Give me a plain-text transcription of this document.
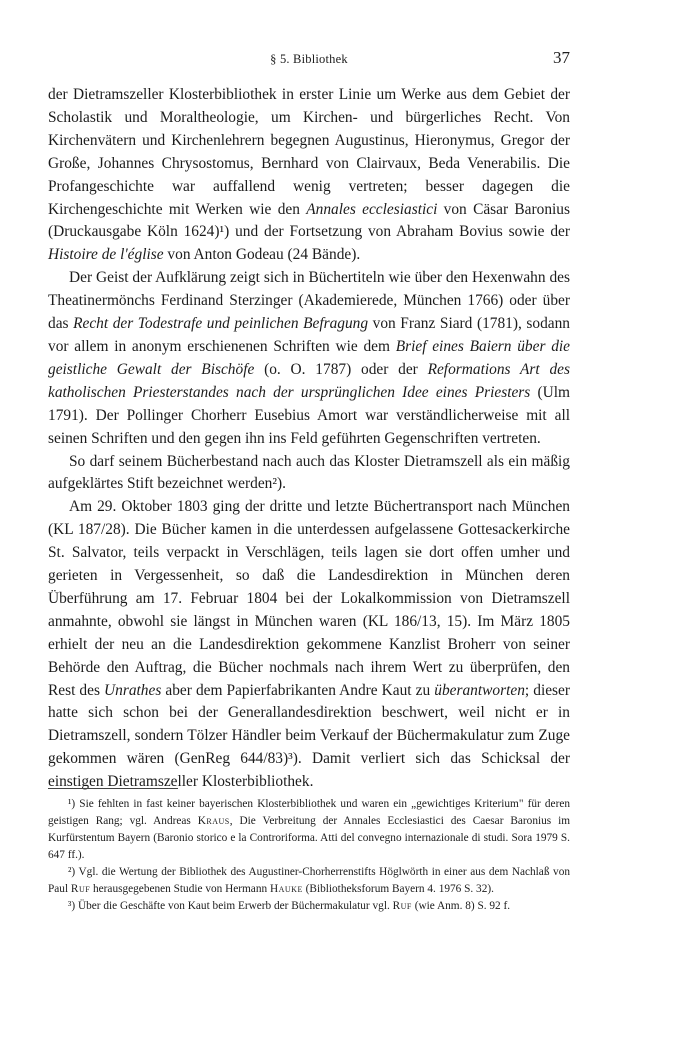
§ 5. Bibliothek	37

der Dietramszeller Klosterbibliothek in erster Linie um Werke aus dem Gebiet der Scholastik und Moraltheologie, um Kirchen- und bürgerliches Recht. Von Kirchenvätern und Kirchenlehrern begegnen Augustinus, Hieronymus, Gregor der Große, Johannes Chrysostomus, Bernhard von Clairvaux, Beda Venerabilis. Die Profangeschichte war auffallend wenig vertreten; besser dagegen die Kirchengeschichte mit Werken wie den Annales ecclesiastici von Cäsar Baronius (Druckausgabe Köln 1624)¹) und der Fortsetzung von Abraham Bovius sowie der Histoire de l'église von Anton Godeau (24 Bände).

Der Geist der Aufklärung zeigt sich in Büchertiteln wie über den Hexenwahn des Theatinermönchs Ferdinand Sterzinger (Akademierede, München 1766) oder über das Recht der Todestrafe und peinlichen Befragung von Franz Siard (1781), sodann vor allem in anonym erschienenen Schriften wie dem Brief eines Baiern über die geistliche Gewalt der Bischöfe (o. O. 1787) oder der Reformations Art des katholischen Priesterstandes nach der ursprünglichen Idee eines Priesters (Ulm 1791). Der Pollinger Chorherr Eusebius Amort war verständlicherweise mit all seinen Schriften und den gegen ihn ins Feld geführten Gegenschriften vertreten.

So darf seinem Bücherbestand nach auch das Kloster Dietramszell als ein mäßig aufgeklärtes Stift bezeichnet werden²).

Am 29. Oktober 1803 ging der dritte und letzte Büchertransport nach München (KL 187/28). Die Bücher kamen in die unterdessen aufgelassene Gottesackerkirche St. Salvator, teils verpackt in Verschlägen, teils lagen sie dort offen umher und gerieten in Vergessenheit, so daß die Landesdirektion in München deren Überführung am 17. Februar 1804 bei der Lokalkommission von Dietramszell anmahnte, obwohl sie längst in München waren (KL 186/13, 15). Im März 1805 erhielt der neu an die Landesdirektion gekommene Kanzlist Broherr von seiner Behörde den Auftrag, die Bücher nochmals nach ihrem Wert zu überprüfen, den Rest des Unrathes aber dem Papierfabrikanten Andre Kaut zu überantworten; dieser hatte sich schon bei der Generallandesdirektion beschwert, weil nicht er in Dietramszell, sondern Tölzer Händler beim Verkauf der Büchermakulatur zum Zuge gekommen wären (GenReg 644/83)³). Damit verliert sich das Schicksal der einstigen Dietramszeller Klosterbibliothek.

¹) Sie fehlten in fast keiner bayerischen Klosterbibliothek und waren ein „gewichtiges Kriterium" für deren geistigen Rang; vgl. Andreas Kraus, Die Verbreitung der Annales Ecclesiastici des Caesar Baronius im Kurfürstentum Bayern (Baronio storico e la Controriforma. Atti del convegno internazionale di studi. Sora 1979 S. 647 ff.).

²) Vgl. die Wertung der Bibliothek des Augustiner-Chorherrenstifts Höglwörth in einer aus dem Nachlaß von Paul Ruf herausgegebenen Studie von Hermann Hauke (Bibliotheksforum Bayern 4. 1976 S. 32).

³) Über die Geschäfte von Kaut beim Erwerb der Büchermakulatur vgl. Ruf (wie Anm. 8) S. 92 f.
